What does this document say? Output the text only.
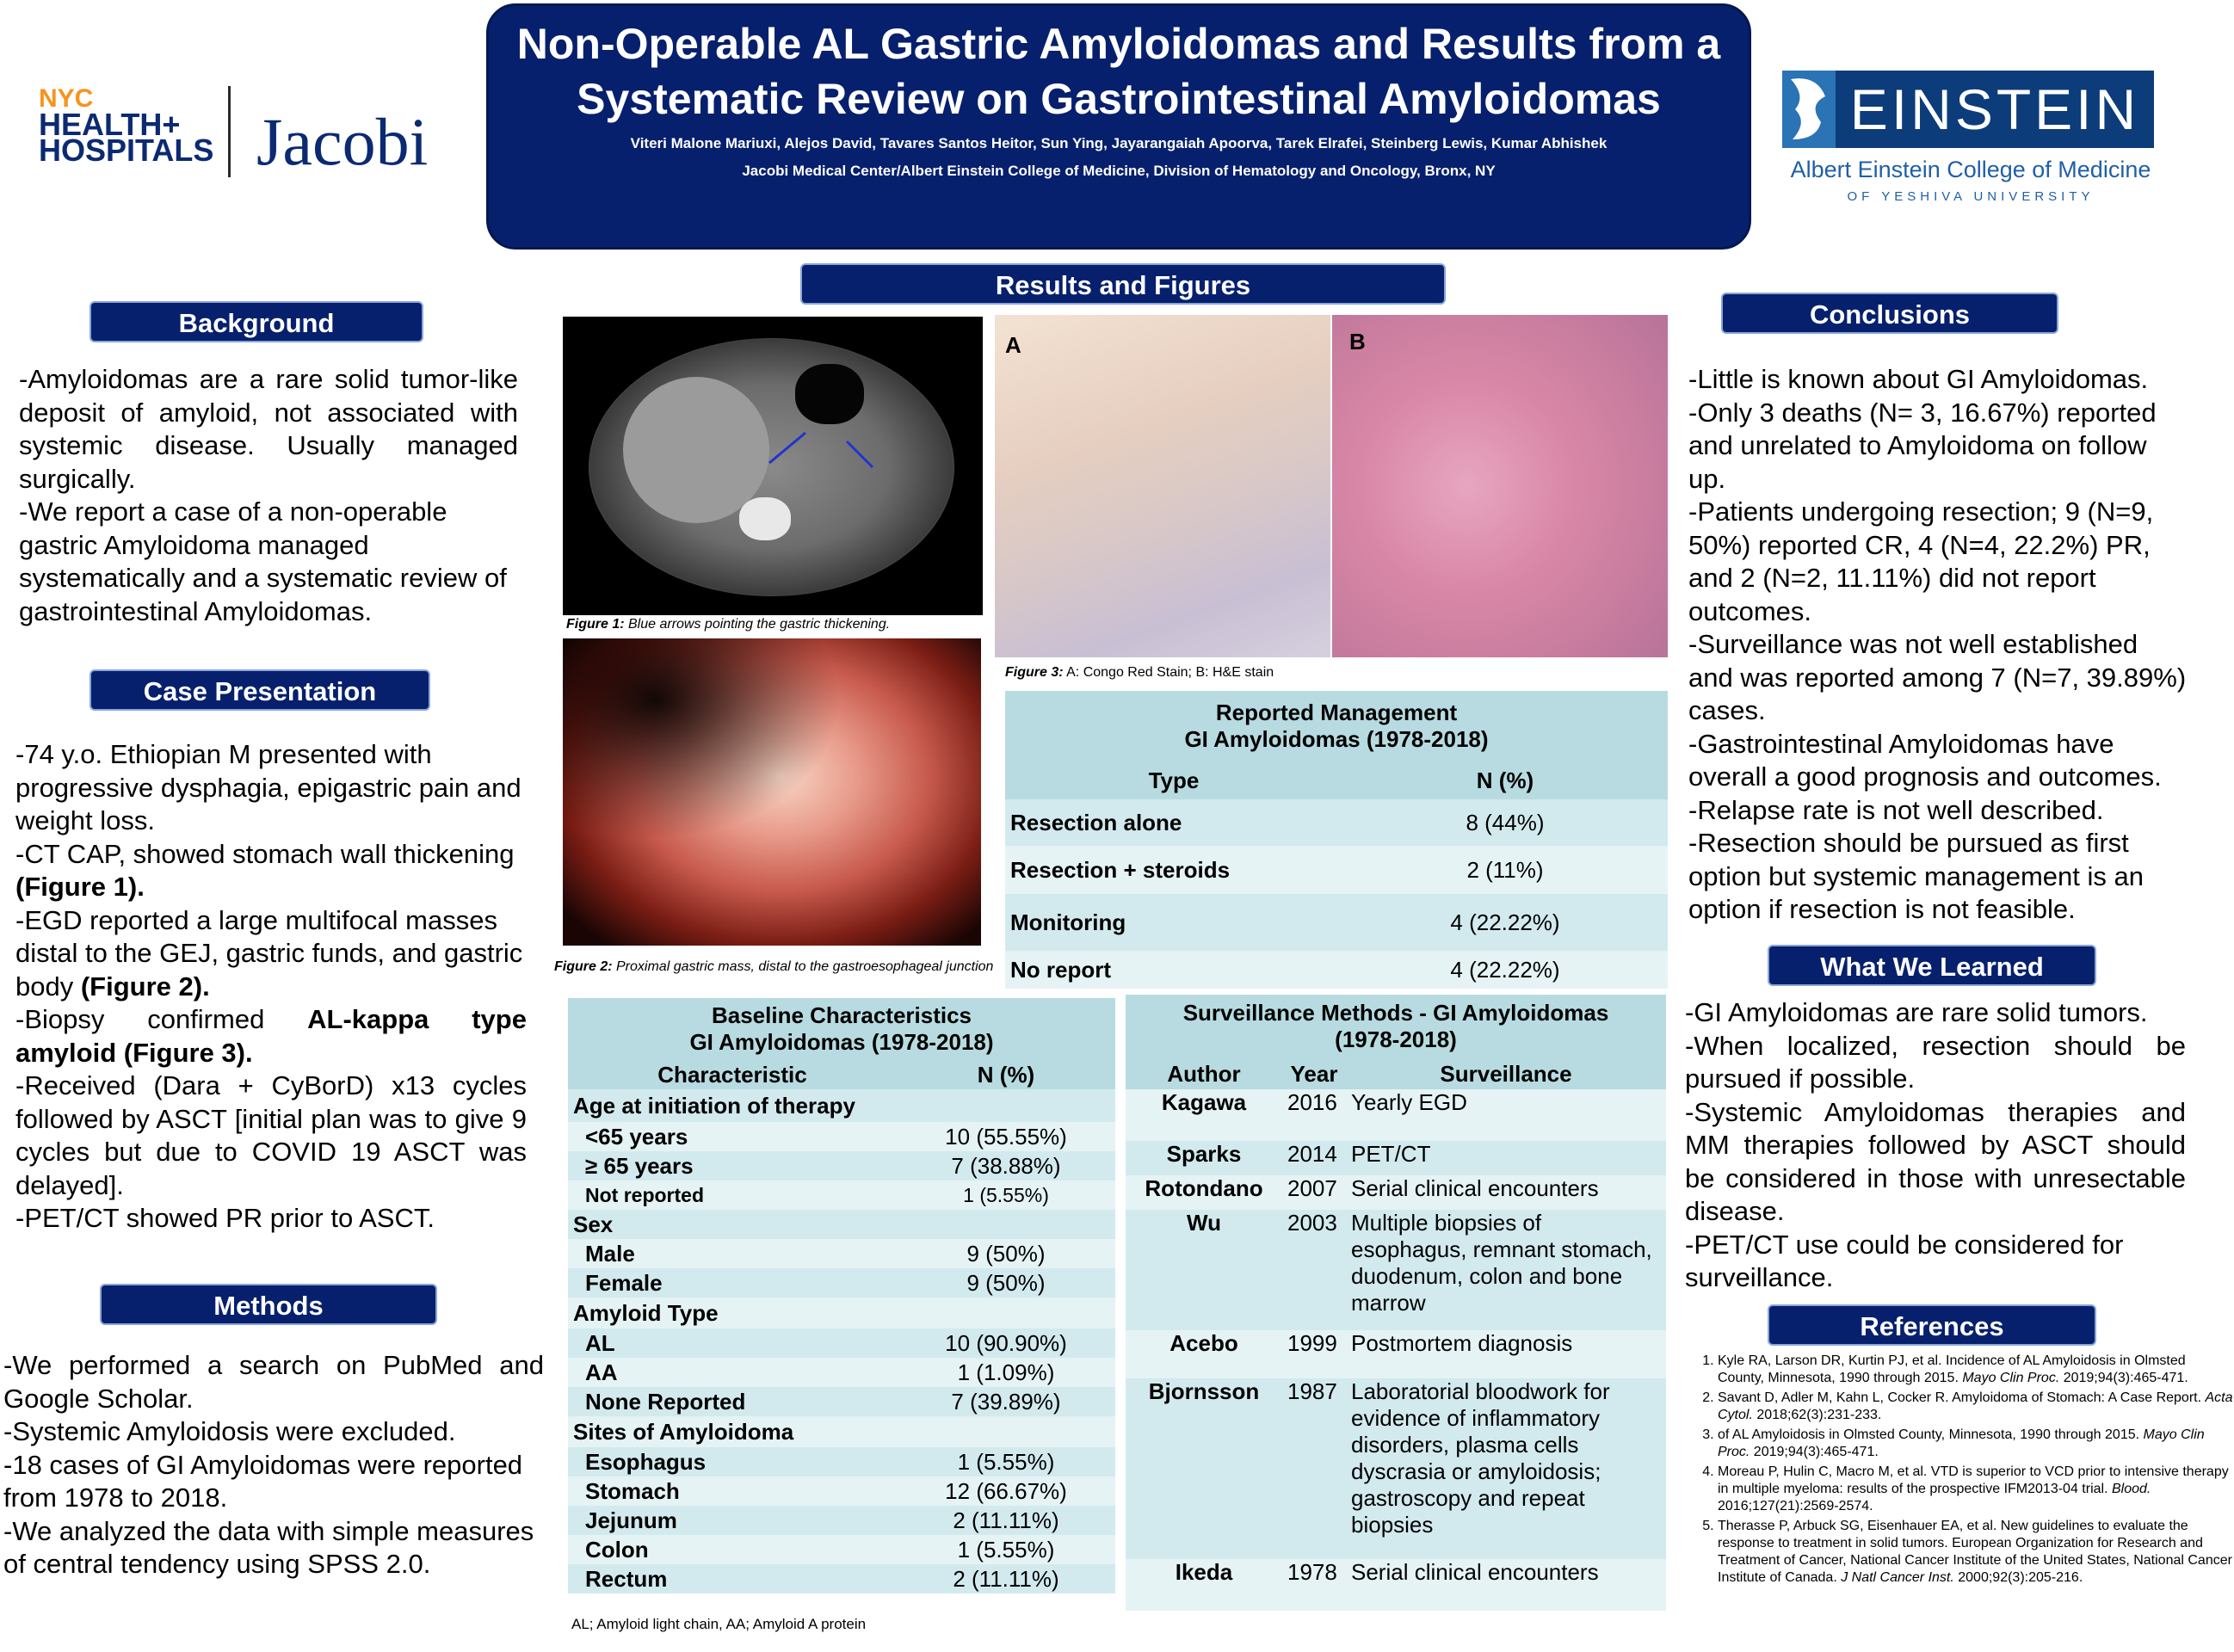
NYC
HEALTH+
HOSPITALS Jacobi
Non-Operable AL Gastric Amyloidomas and Results from a Systematic Review on Gastrointestinal Amyloidomas
Viteri Malone Mariuxi, Alejos David, Tavares Santos Heitor, Sun Ying, Jayarangaiah Apoorva, Tarek Elrafei, Steinberg Lewis, Kumar Abhishek
Jacobi Medical Center/Albert Einstein College of Medicine, Division of Hematology and Oncology, Bronx, NY
EINSTEIN
Albert Einstein College of Medicine
OF YESHIVA UNIVERSITY
Background
-Amyloidomas are a rare solid tumor-like deposit of amyloid, not associated with systemic disease. Usually managed surgically.
-We report a case of a non-operable gastric Amyloidoma managed systematically and a systematic review of gastrointestinal Amyloidomas.
Case Presentation
-74 y.o. Ethiopian M presented with progressive dysphagia, epigastric pain and weight loss.
-CT CAP, showed stomach wall thickening (Figure 1).
-EGD reported a large multifocal masses distal to the GEJ, gastric funds, and gastric body (Figure 2).
-Biopsy confirmed AL-kappa type amyloid (Figure 3).
-Received (Dara + CyBorD) x13 cycles followed by ASCT [initial plan was to give 9 cycles but due to COVID 19 ASCT was delayed].
-PET/CT showed PR prior to ASCT.
Methods
-We performed a search on PubMed and Google Scholar.
-Systemic Amyloidosis were excluded.
-18 cases of GI Amyloidomas were reported from 1978 to 2018.
-We analyzed the data with simple measures of central tendency using SPSS 2.0.
Results and Figures
Figure 1: Blue arrows pointing the gastric thickening.
Figure 2: Proximal gastric mass, distal to the gastroesophageal junction
A	B
Figure 3: A: Congo Red Stain; B: H&E stain
Reported Management
GI Amyloidomas (1978-2018)	

Type	N (%)
Resection alone	8 (44%)
Resection + steroids	2 (11%)
Monitoring	4 (22.22%)
No report	4 (22.22%)
Baseline Characteristics
GI Amyloidomas (1978-2018)	

Characteristic	N (%)
Age at initiation of therapy	
<65 years	10 (55.55%)
≥ 65 years	7 (38.88%)
Not reported	1 (5.55%)
Sex	
Male	9 (50%)
Female	9 (50%)
Amyloid Type	
AL	10 (90.90%)
AA	1 (1.09%)
None Reported	7 (39.89%)
Sites of Amyloidoma	
Esophagus	1 (5.55%)
Stomach	12 (66.67%)
Jejunum	2 (11.11%)
Colon	1 (5.55%)
Rectum	2 (11.11%)
AL; Amyloid light chain, AA; Amyloid A protein
Surveillance Methods - GI Amyloidomas
(1978-2018)		

Author	Year	Surveillance
Kagawa	2016	Yearly EGD
Sparks	2014	PET/CT
Rotondano	2007	Serial clinical encounters
Wu	2003	Multiple biopsies of esophagus, remnant stomach, duodenum, colon and bone marrow
Acebo	1999	Postmortem diagnosis
Bjornsson	1987	Laboratorial bloodwork for evidence of inflammatory disorders, plasma cells dyscrasia or amyloidosis; gastroscopy and repeat biopsies
Ikeda	1978	Serial clinical encounters
Conclusions
-Little is known about GI Amyloidomas.
-Only 3 deaths (N= 3, 16.67%) reported and unrelated to Amyloidoma on follow up.
-Patients undergoing resection; 9 (N=9, 50%) reported CR, 4 (N=4, 22.2%) PR, and 2 (N=2, 11.11%) did not report outcomes.
-Surveillance was not well established and was reported among 7 (N=7, 39.89%) cases.
-Gastrointestinal Amyloidomas have overall a good prognosis and outcomes.
-Relapse rate is not well described.
-Resection should be pursued as first option but systemic management is an option if resection is not feasible.
What We Learned
-GI Amyloidomas are rare solid tumors.
-When localized, resection should be pursued if possible.
-Systemic Amyloidomas therapies and MM therapies followed by ASCT should be considered in those with unresectable disease.
-PET/CT use could be considered for surveillance.
References
1. Kyle RA, Larson DR, Kurtin PJ, et al. Incidence of AL Amyloidosis in Olmsted County, Minnesota, 1990 through 2015. Mayo Clin Proc. 2019;94(3):465-471.
2. Savant D, Adler M, Kahn L, Cocker R. Amyloidoma of Stomach: A Case Report. Acta Cytol. 2018;62(3):231-233.
3. of AL Amyloidosis in Olmsted County, Minnesota, 1990 through 2015. Mayo Clin Proc. 2019;94(3):465-471.
4. Moreau P, Hulin C, Macro M, et al. VTD is superior to VCD prior to intensive therapy in multiple myeloma: results of the prospective IFM2013-04 trial. Blood. 2016;127(21):2569-2574.
5. Therasse P, Arbuck SG, Eisenhauer EA, et al. New guidelines to evaluate the response to treatment in solid tumors. European Organization for Research and Treatment of Cancer, National Cancer Institute of the United States, National Cancer Institute of Canada. J Natl Cancer Inst. 2000;92(3):205-216.
